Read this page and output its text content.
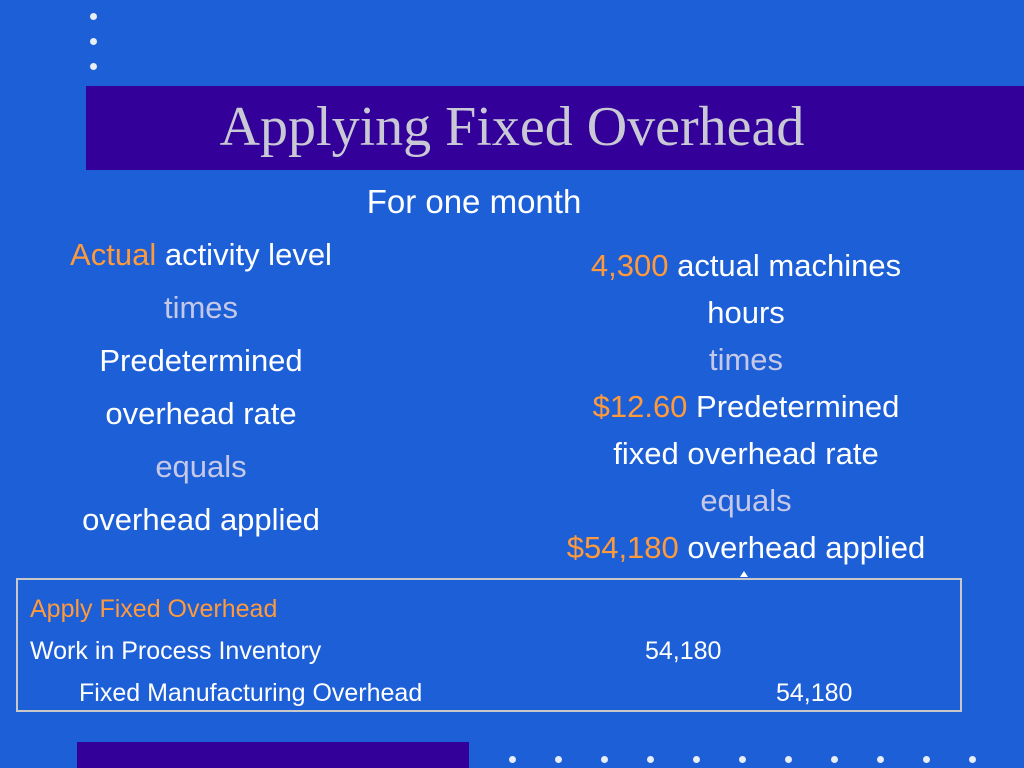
Applying Fixed Overhead
For one month
Actual activity level
times
Predetermined
overhead rate
equals
overhead applied
4,300 actual machines
hours
times
$12.60 Predetermined
fixed overhead rate
equals
$54,180 overhead applied
Apply Fixed Overhead
Work in Process Inventory	54,180
Fixed Manufacturing Overhead	54,180
